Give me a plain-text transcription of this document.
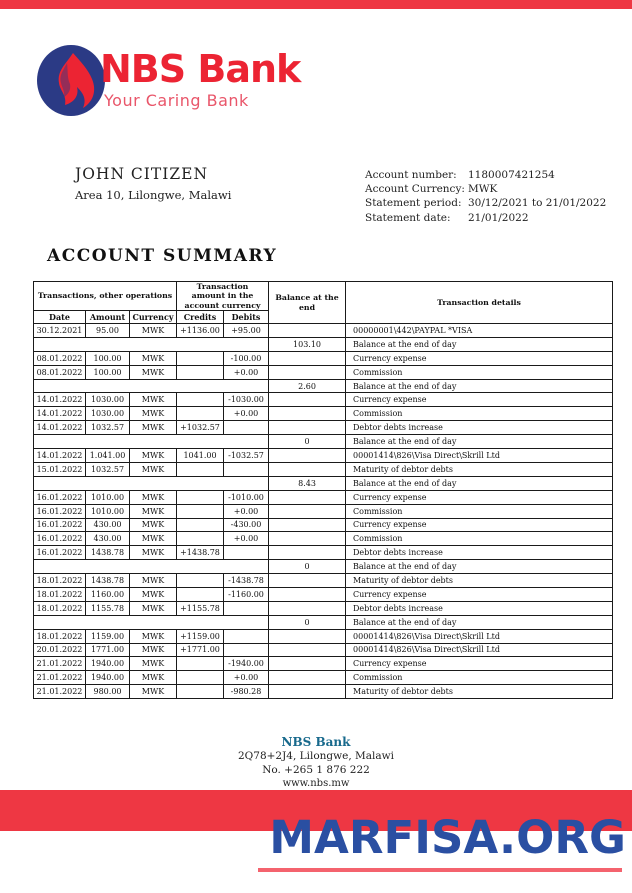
NBS Bank
Your Caring Bank
JOHN CITIZEN
Area 10, Lilongwe, Malawi
Account number:	1180007421254
Account Currency: MWK
Statement period: 30/12/2021 to 21/01/2022
Statement date:	21/01/2022
ACCOUNT SUMMARY
Transactions, other operations			Transaction amount in the account currency		Balance at the end	Transaction details
Date	Amount	Currency	Credits	Debits		
30.12.2021	95.00	MWK	+1136.00	+95.00		00000001\442\PAYPAL *VISA
					103.10	Balance at the end of day
08.01.2022	100.00	MWK		-100.00		Currency expense
08.01.2022	100.00	MWK		+0.00		Commission
					2.60	Balance at the end of day
14.01.2022	1030.00	MWK		-1030.00		Currency expense
14.01.2022	1030.00	MWK		+0.00		Commission
14.01.2022	1032.57	MWK	+1032.57			Debtor debts increase
					0	Balance at the end of day
14.01.2022	1.041.00	MWK	1041.00	-1032.57		00001414\826\Visa Direct\Skrill Ltd
15.01.2022	1032.57	MWK				Maturity of debtor debts
					8.43	Balance at the end of day
16.01.2022	1010.00	MWK		-1010.00		Currency expense
16.01.2022	1010.00	MWK		+0.00		Commission
16.01.2022	430.00	MWK		-430.00		Currency expense
16.01.2022	430.00	MWK		+0.00		Commission
16.01.2022	1438.78	MWK	+1438.78			Debtor debts increase
					0	Balance at the end of day
18.01.2022	1438.78	MWK		-1438.78		Maturity of debtor debts
18.01.2022	1160.00	MWK		-1160.00		Currency expense
18.01.2022	1155.78	MWK	+1155.78			Debtor debts increase
					0	Balance at the end of day
18.01.2022	1159.00	MWK	+1159.00			00001414\826\Visa Direct\Skrill Ltd
20.01.2022	1771.00	MWK	+1771.00			00001414\826\Visa Direct\Skrill Ltd
21.01.2022	1940.00	MWK		-1940.00		Currency expense
21.01.2022	1940.00	MWK		+0.00		Commission
21.01.2022	980.00	MWK		-980.28		Maturity of debtor debts
NBS Bank
2Q78+2J4, Lilongwe, Malawi
No. +265 1 876 222
www.nbs.mw
MARFISA.ORG
